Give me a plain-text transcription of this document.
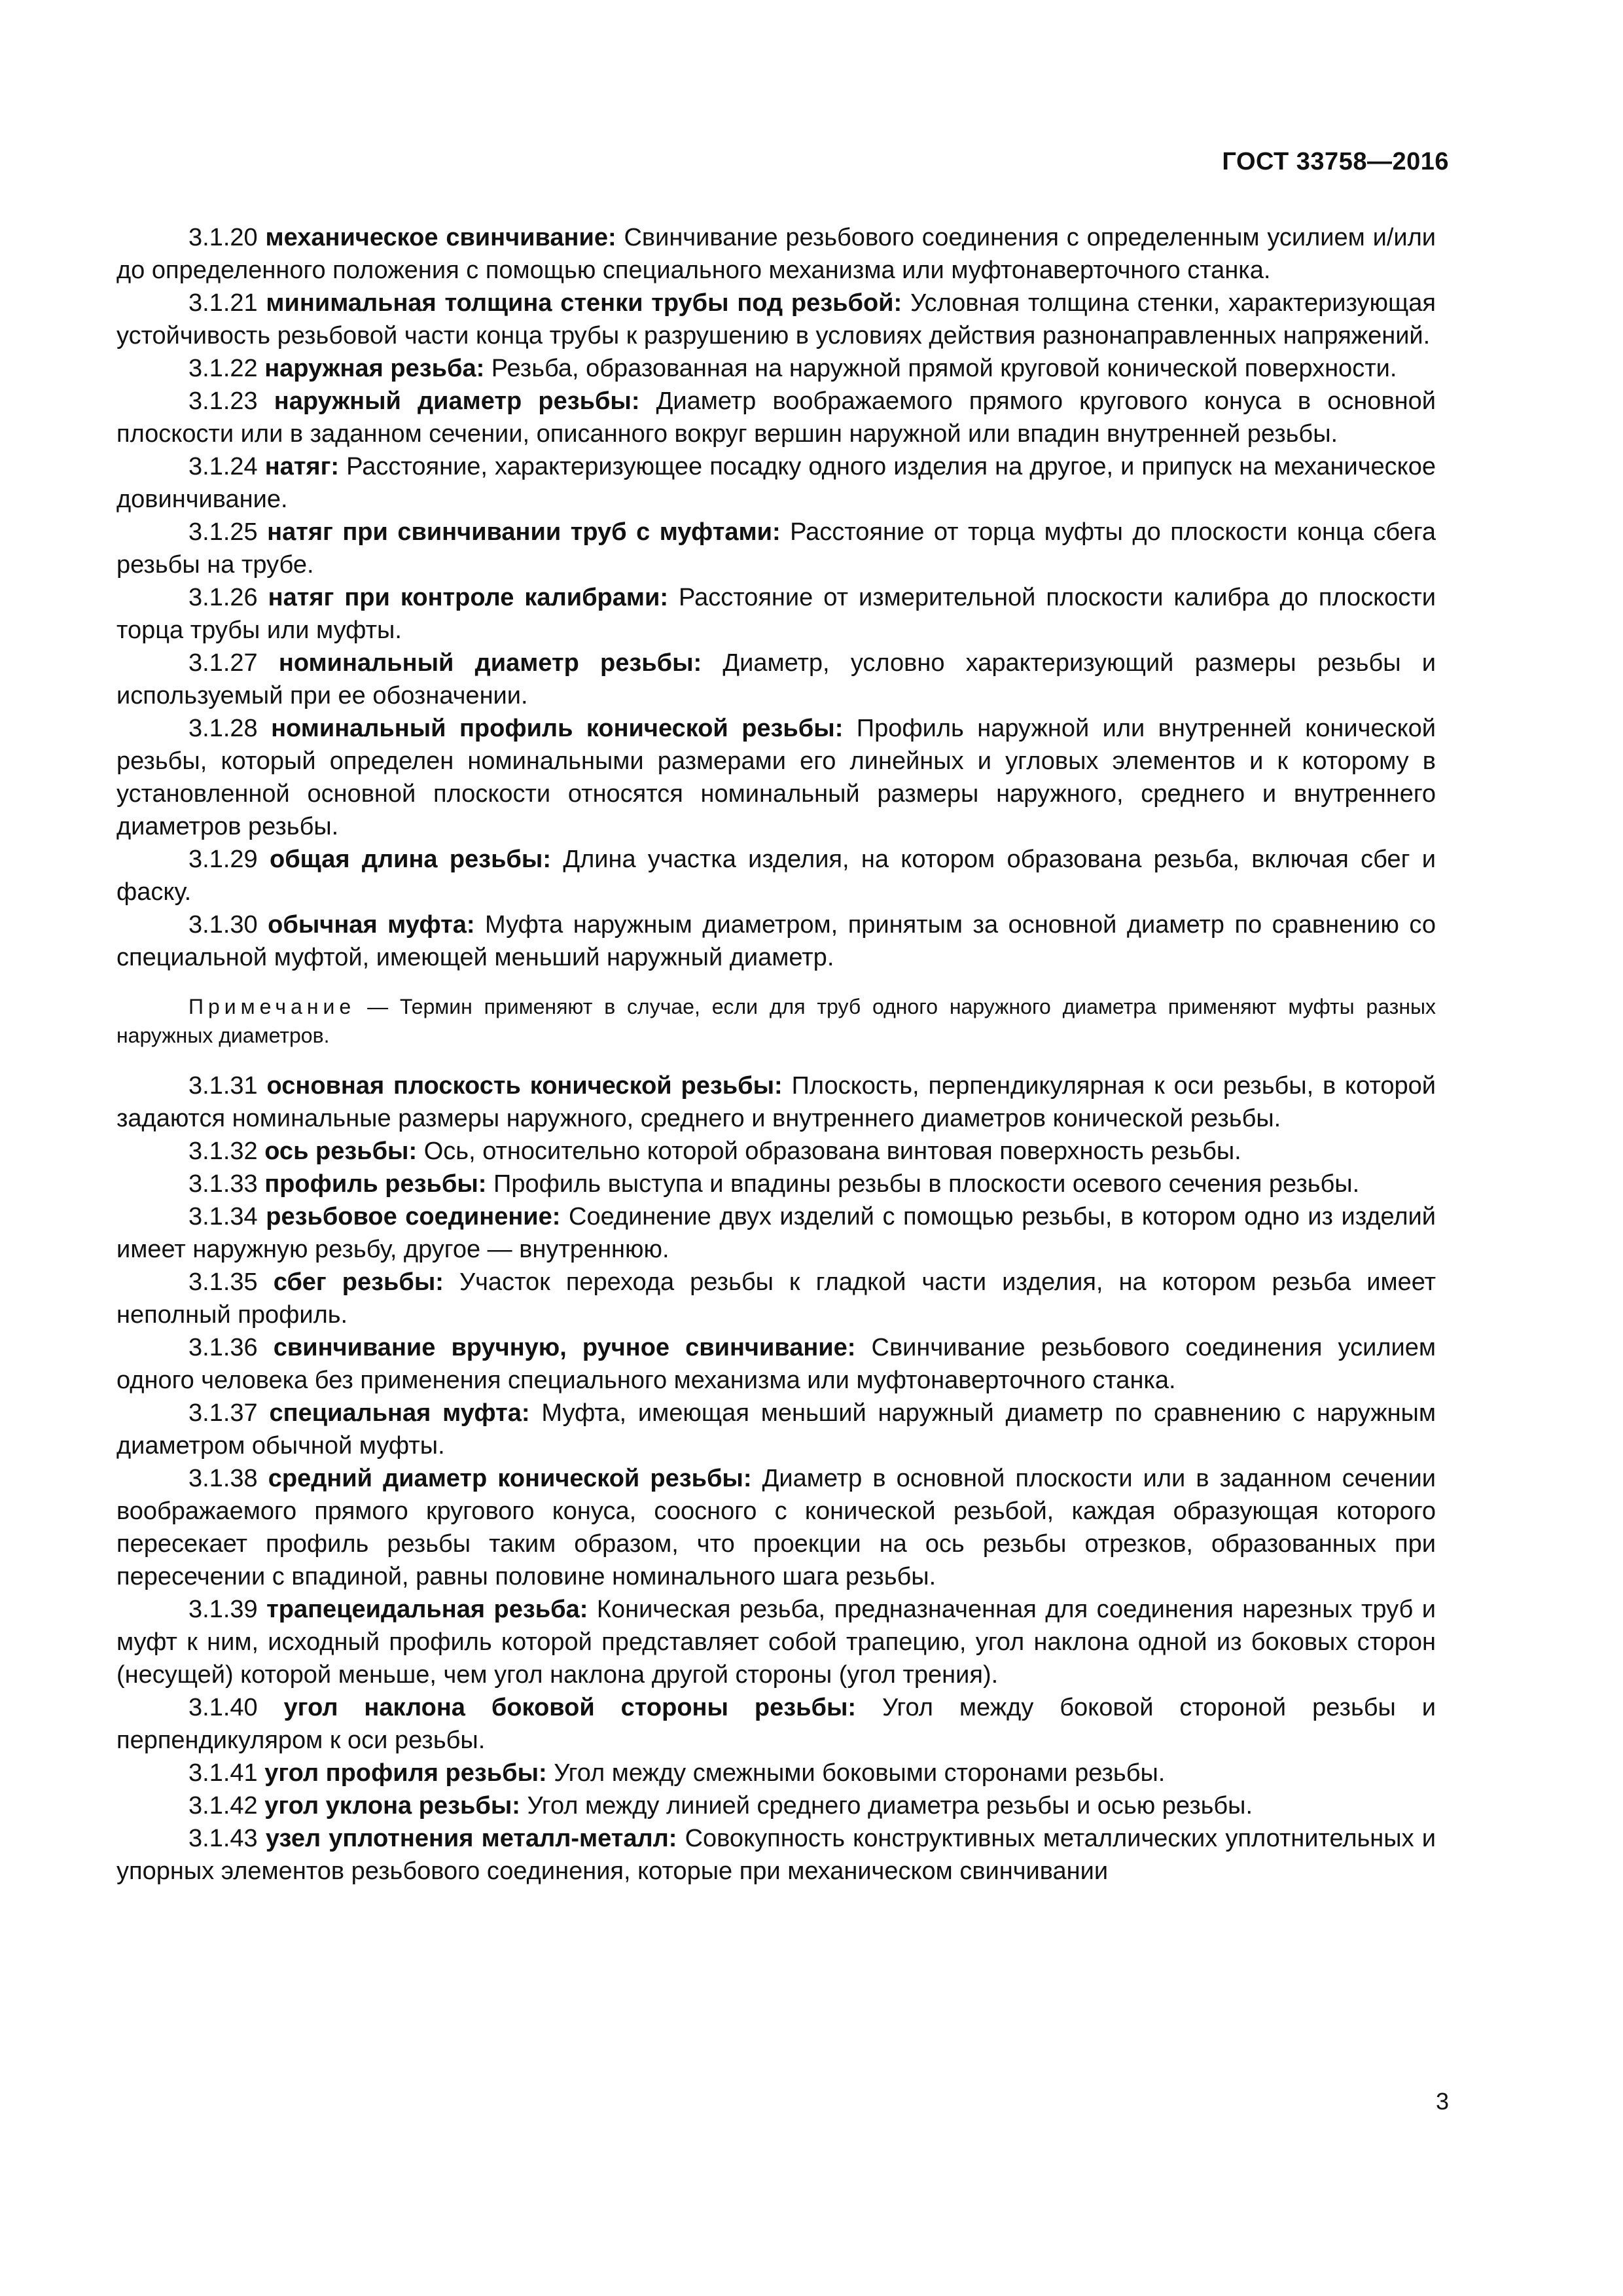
ГОСТ 33758—2016

3.1.20 механическое свинчивание: Свинчивание резьбового соединения с определенным усилием и/или до определенного положения с помощью специального механизма или муфтонаверточного станка.

3.1.21 минимальная толщина стенки трубы под резьбой: Условная толщина стенки, характеризующая устойчивость резьбовой части конца трубы к разрушению в условиях действия разнонаправленных напряжений.

3.1.22 наружная резьба: Резьба, образованная на наружной прямой круговой конической поверхности.

3.1.23 наружный диаметр резьбы: Диаметр воображаемого прямого кругового конуса в основной плоскости или в заданном сечении, описанного вокруг вершин наружной или впадин внутренней резьбы.

3.1.24 натяг: Расстояние, характеризующее посадку одного изделия на другое, и припуск на механическое довинчивание.

3.1.25 натяг при свинчивании труб с муфтами: Расстояние от торца муфты до плоскости конца сбега резьбы на трубе.

3.1.26 натяг при контроле калибрами: Расстояние от измерительной плоскости калибра до плоскости торца трубы или муфты.

3.1.27 номинальный диаметр резьбы: Диаметр, условно характеризующий размеры резьбы и используемый при ее обозначении.

3.1.28 номинальный профиль конической резьбы: Профиль наружной или внутренней конической резьбы, который определен номинальными размерами его линейных и угловых элементов и к которому в установленной основной плоскости относятся номинальный размеры наружного, среднего и внутреннего диаметров резьбы.

3.1.29 общая длина резьбы: Длина участка изделия, на котором образована резьба, включая сбег и фаску.

3.1.30 обычная муфта: Муфта наружным диаметром, принятым за основной диаметр по сравнению со специальной муфтой, имеющей меньший наружный диаметр.

Примечание — Термин применяют в случае, если для труб одного наружного диаметра применяют муфты разных наружных диаметров.

3.1.31 основная плоскость конической резьбы: Плоскость, перпендикулярная к оси резьбы, в которой задаются номинальные размеры наружного, среднего и внутреннего диаметров конической резьбы.

3.1.32 ось резьбы: Ось, относительно которой образована винтовая поверхность резьбы.

3.1.33 профиль резьбы: Профиль выступа и впадины резьбы в плоскости осевого сечения резьбы.

3.1.34 резьбовое соединение: Соединение двух изделий с помощью резьбы, в котором одно из изделий имеет наружную резьбу, другое — внутреннюю.

3.1.35 сбег резьбы: Участок перехода резьбы к гладкой части изделия, на котором резьба имеет неполный профиль.

3.1.36 свинчивание вручную, ручное свинчивание: Свинчивание резьбового соединения усилием одного человека без применения специального механизма или муфтонаверточного станка.

3.1.37 специальная муфта: Муфта, имеющая меньший наружный диаметр по сравнению с наружным диаметром обычной муфты.

3.1.38 средний диаметр конической резьбы: Диаметр в основной плоскости или в заданном сечении воображаемого прямого кругового конуса, соосного с конической резьбой, каждая образующая которого пересекает профиль резьбы таким образом, что проекции на ось резьбы отрезков, образованных при пересечении с впадиной, равны половине номинального шага резьбы.

3.1.39 трапецеидальная резьба: Коническая резьба, предназначенная для соединения нарезных труб и муфт к ним, исходный профиль которой представляет собой трапецию, угол наклона одной из боковых сторон (несущей) которой меньше, чем угол наклона другой стороны (угол трения).

3.1.40 угол наклона боковой стороны резьбы: Угол между боковой стороной резьбы и перпендикуляром к оси резьбы.

3.1.41 угол профиля резьбы: Угол между смежными боковыми сторонами резьбы.

3.1.42 угол уклона резьбы: Угол между линией среднего диаметра резьбы и осью резьбы.

3.1.43 узел уплотнения металл-металл: Совокупность конструктивных металлических уплотнительных и упорных элементов резьбового соединения, которые при механическом свинчивании

3
